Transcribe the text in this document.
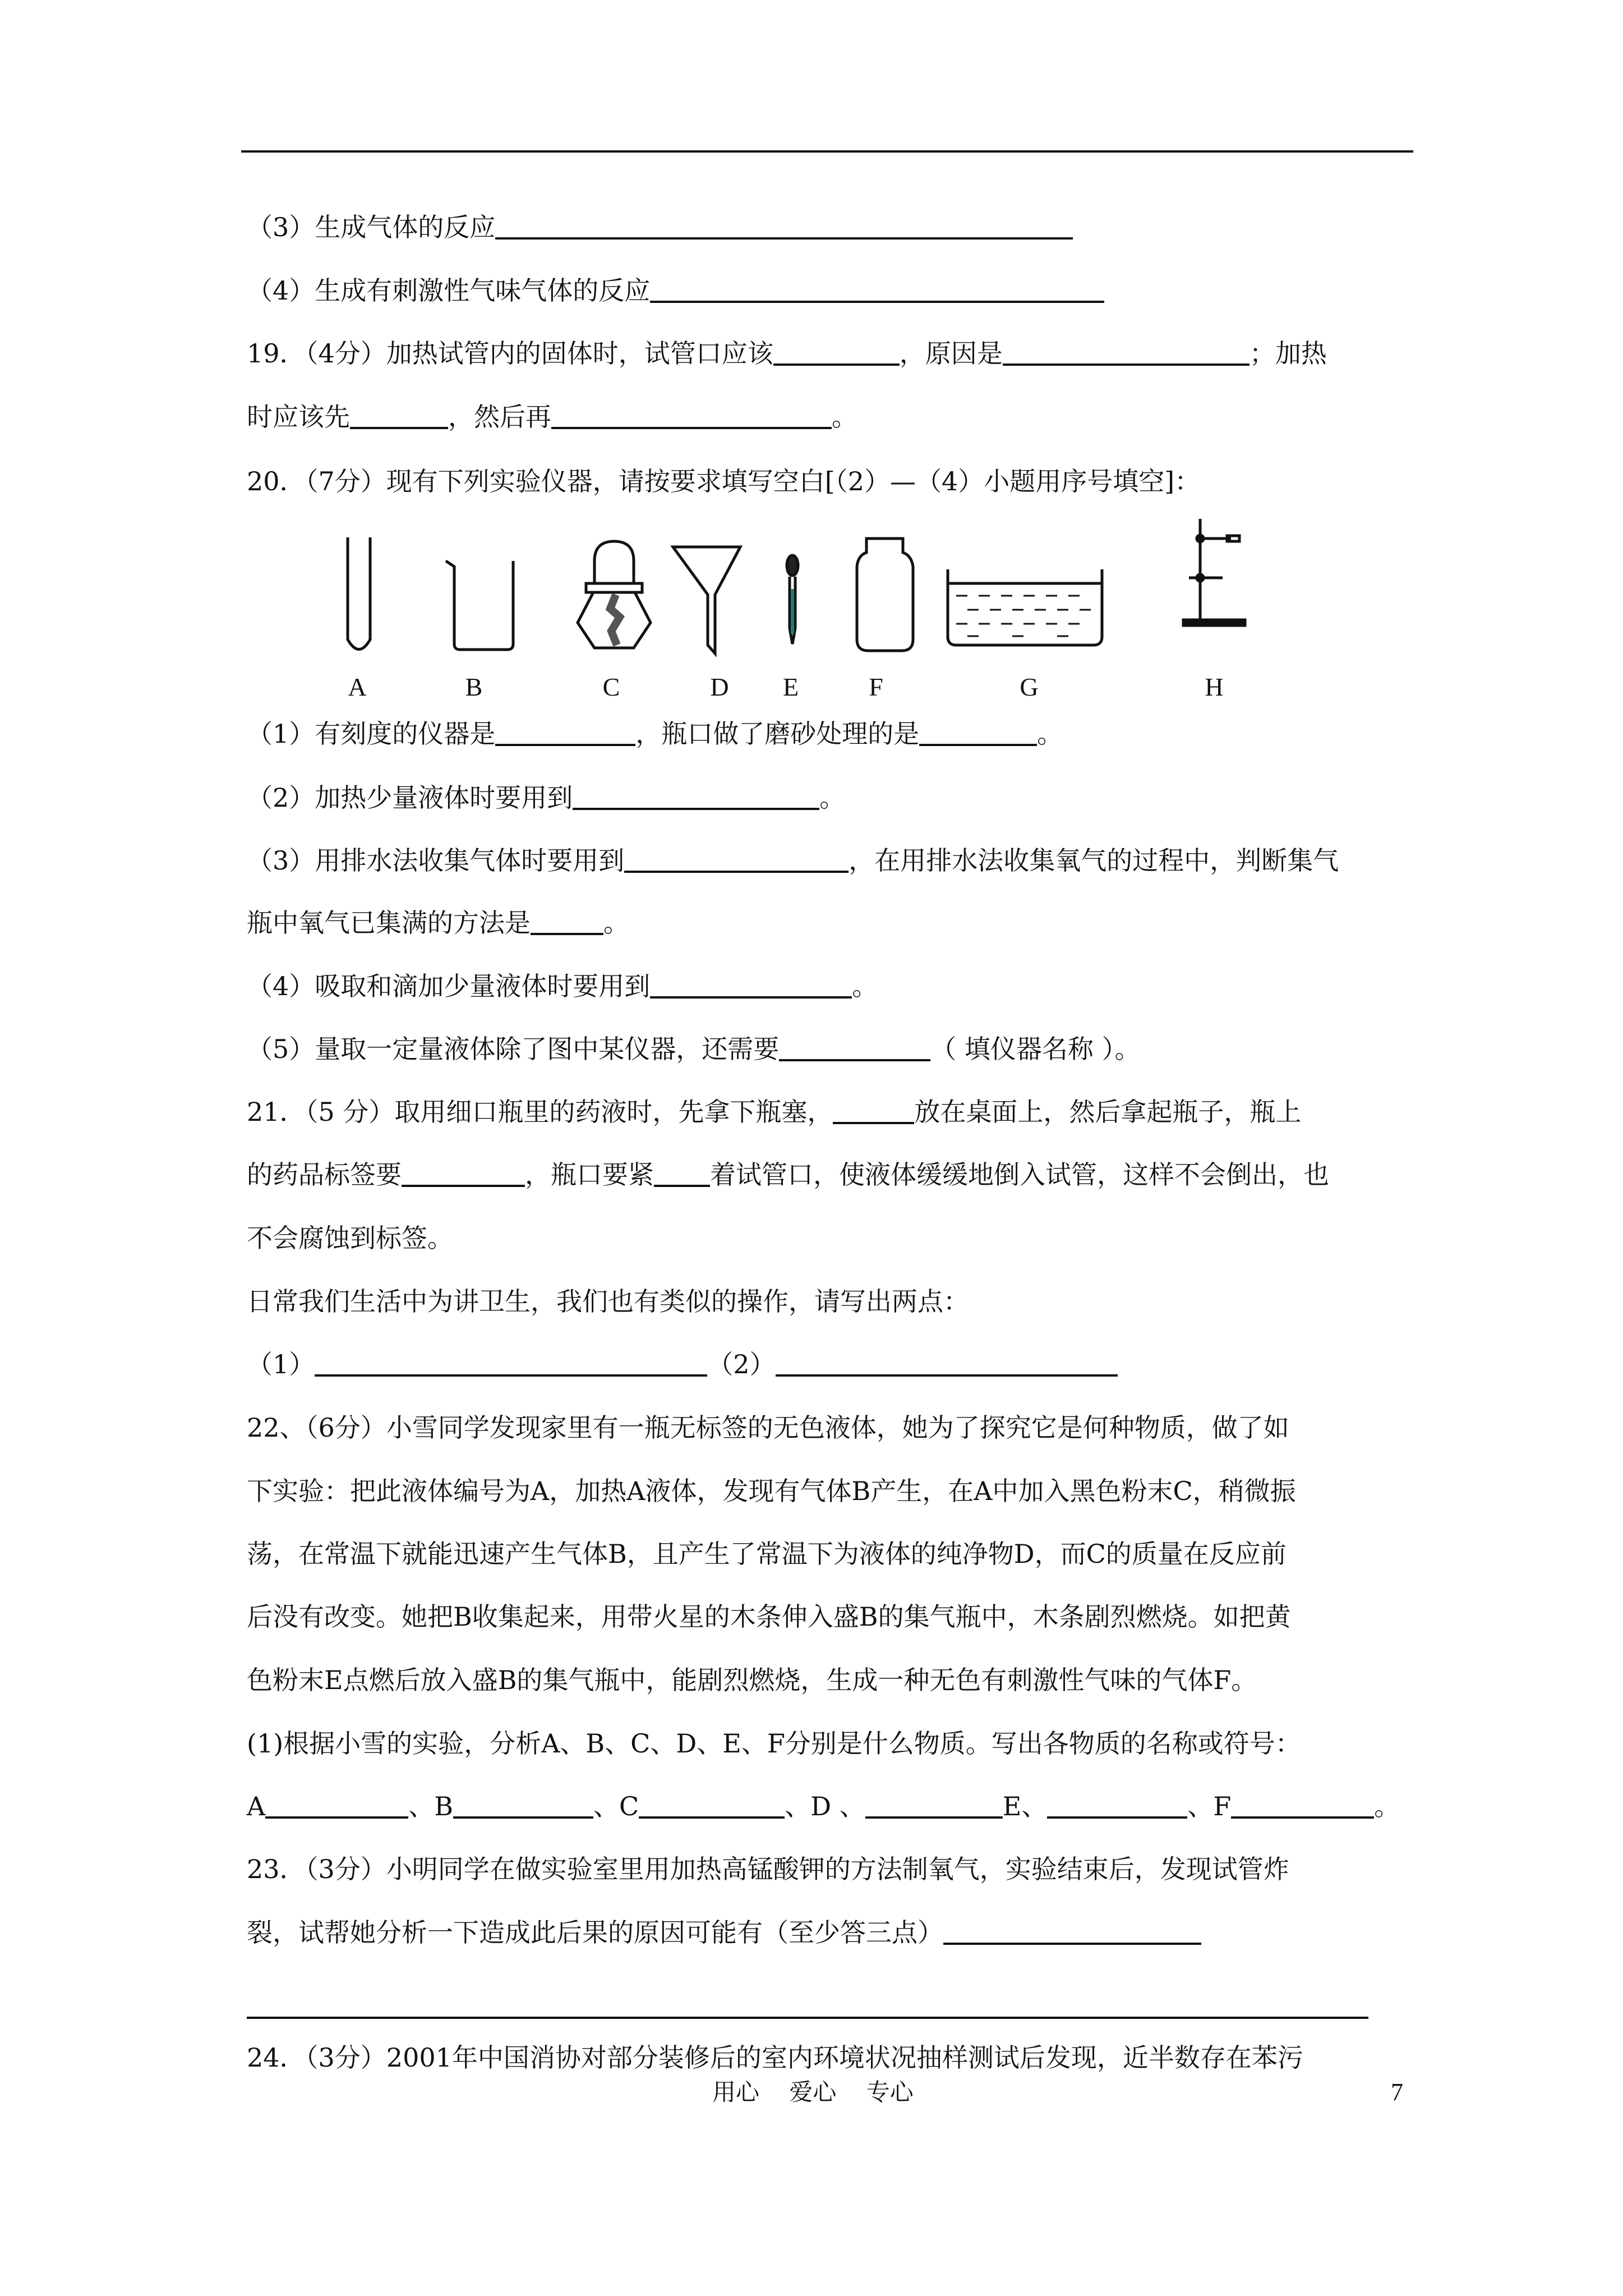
（3）生成气体的反应
（4）生成有刺激性气味气体的反应
19．（4分）加热试管内的固体时，试管口应该	，原因是	；加热
时应该先	，然后再	。
20．（7分）现有下列实验仪器，请按要求填写空白[（2）—（4）小题用序号填空]：
A	B	C	D E	F	G	H
（1）有刻度的仪器是	，瓶口做了磨砂处理的是	。
（2）加热少量液体时要用到	。
（3）用排水法收集气体时要用到	，在用排水法收集氧气的过程中，判断集气
瓶中氧气已集满的方法是	。
（4）吸取和滴加少量液体时要用到	。
（5）量取一定量液体除了图中某仪器，还需要	（ 填仪器名称 ）。
21．（5 分）取用细口瓶里的药液时，先拿下瓶塞，	放在桌面上，然后拿起瓶子，瓶上
的药品标签要	，瓶口要紧 着试管口，使液体缓缓地倒入试管，这样不会倒出，也
不会腐蚀到标签。
日常我们生活中为讲卫生，我们也有类似的操作，请写出两点：
（1）	（2）
22、（6分）小雪同学发现家里有一瓶无标签的无色液体，她为了探究它是何种物质，做了如
下实验：把此液体编号为A，加热A液体，发现有气体B产生，在A中加入黑色粉末C，稍微振
荡，在常温下就能迅速产生气体B，且产生了常温下为液体的纯净物D，而C的质量在反应前
后没有改变。她把B收集起来，用带火星的木条伸入盛B的集气瓶中，木条剧烈燃烧。如把黄
色粉末E点燃后放入盛B的集气瓶中，能剧烈燃烧，生成一种无色有刺激性气味的气体F。
(1)根据小雪的实验，分析A、B、C、D、E、F分别是什么物质。写出各物质的名称或符号：
A	、B	、C	、D 、	E、	、F	。
23．（3分）小明同学在做实验室里用加热高锰酸钾的方法制氧气，实验结束后，发现试管炸
裂，试帮她分析一下造成此后果的原因可能有（至少答三点）
24．（3分）2001年中国消协对部分装修后的室内环境状况抽样测试后发现，近半数存在苯污
用心 爱心 专心	7
